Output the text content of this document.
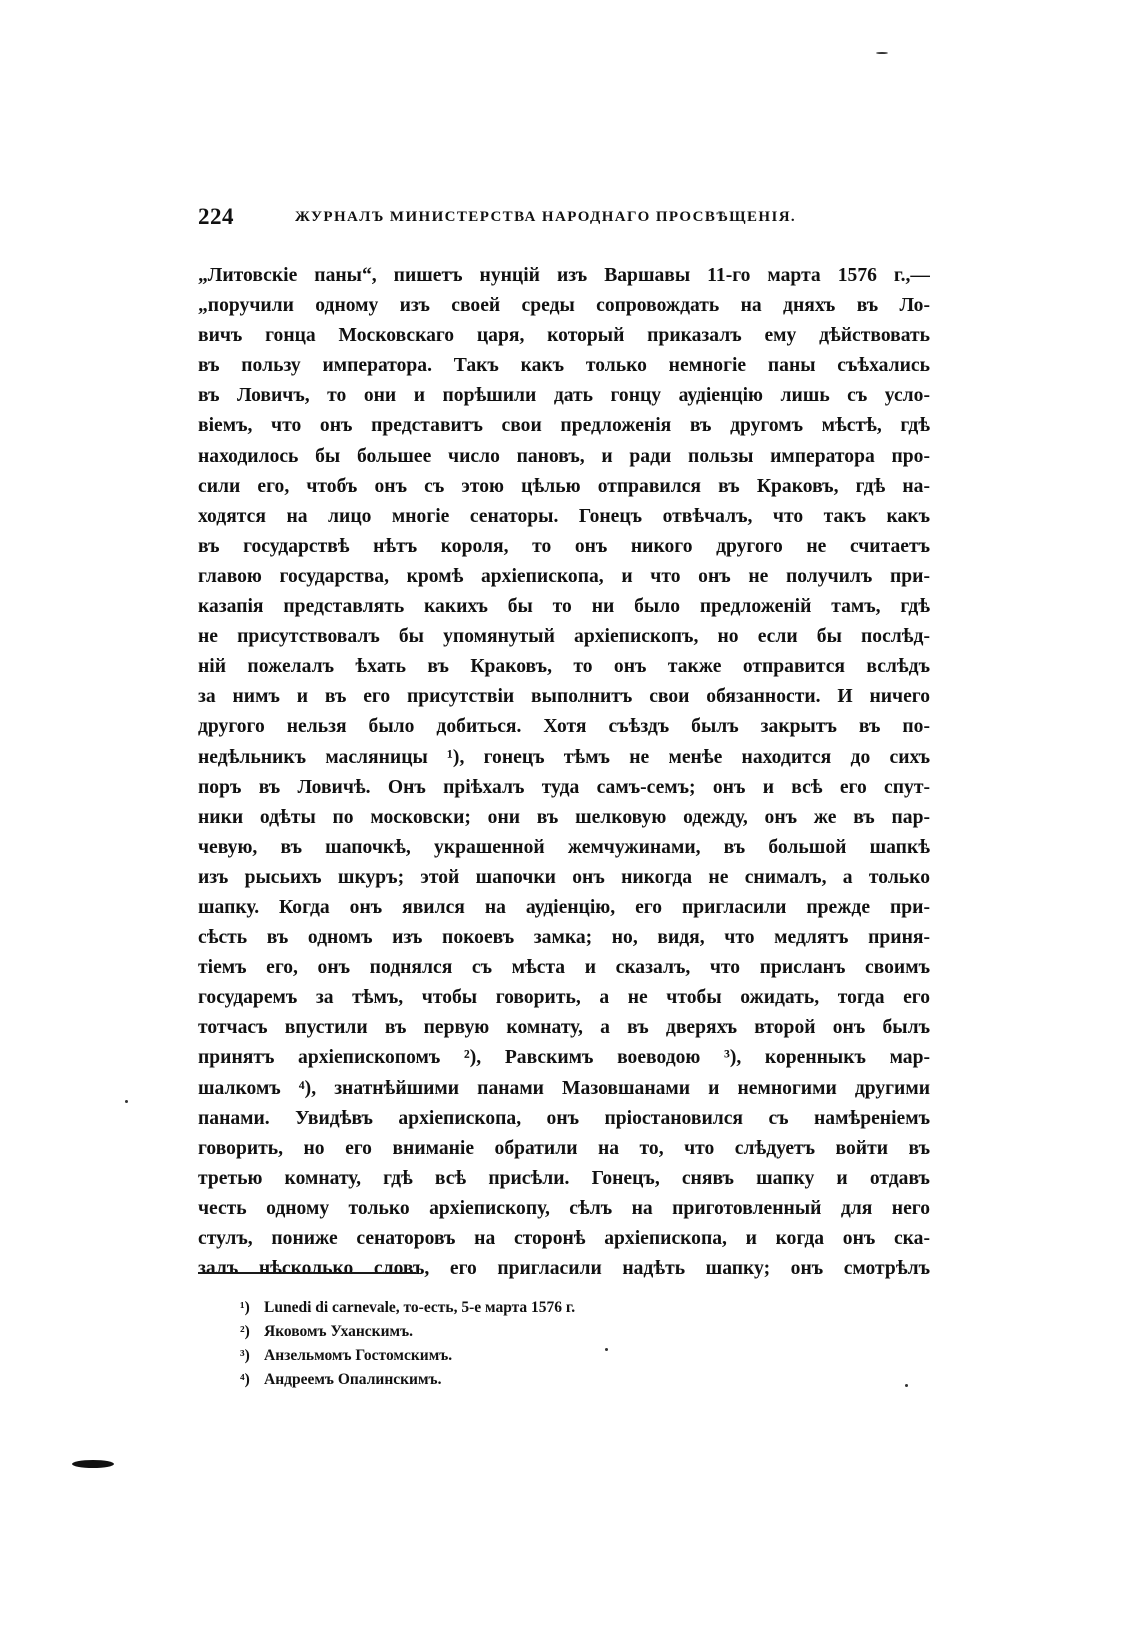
224	ЖУРНАЛЪ МИНИСТЕРСТВА НАРОДНАГО ПРОСВѢЩЕНІЯ.
„Литовскіе паны“, пишетъ нунцій изъ Варшавы 11-го марта 1576 г.,—
„поручили одному изъ своей среды сопровождать на дняхъ въ Ло-
вичъ гонца Московскаго царя, который приказалъ ему дѣйствовать
въ пользу императора. Такъ какъ только немногіе паны съѣхались
въ Ловичъ, то они и порѣшили дать гонцу аудіенцію лишь съ усло-
віемъ, что онъ представитъ свои предложенія въ другомъ мѣстѣ, гдѣ
находилось бы большее число пановъ, и ради пользы императора про-
сили его, чтобъ онъ съ этою цѣлью отправился въ Краковъ, гдѣ на-
ходятся на лицо многіе сенаторы. Гонецъ отвѣчалъ, что такъ какъ
въ государствѣ нѣтъ короля, то онъ никого другого не считаетъ
главою государства, кромѣ архіепископа, и что онъ не получилъ при-
казапія представлять какихъ бы то ни было предложеній тамъ, гдѣ
не присутствовалъ бы упомянутый архіепископъ, но если бы послѣд-
ній пожелалъ ѣхать въ Краковъ, то онъ также отправится вслѣдъ
за нимъ и въ его присутствіи выполнитъ свои обязанности. И ничего
другого нельзя было добиться. Хотя съѣздъ былъ закрытъ въ по-
недѣльникъ масляницы ¹), гонецъ тѣмъ не менѣе находится до сихъ
поръ въ Ловичѣ. Онъ пріѣхалъ туда самъ-семъ; онъ и всѣ его спут-
ники одѣты по московски; они въ шелковую одежду, онъ же въ пар-
чевую, въ шапочкѣ, украшенной жемчужинами, въ большой шапкѣ
изъ рысьихъ шкуръ; этой шапочки онъ никогда не снималъ, а только
шапку. Когда онъ явился на аудіенцію, его пригласили прежде при-
сѣсть въ одномъ изъ покоевъ замка; но, видя, что медлятъ приня-
тіемъ его, онъ поднялся съ мѣста и сказалъ, что присланъ своимъ
государемъ за тѣмъ, чтобы говорить, а не чтобы ожидать, тогда его
тотчасъ впустили въ первую комнату, а въ дверяхъ второй онъ былъ
принятъ архіепископомъ ²), Равскимъ воеводою ³), коренныкъ мар-
шалкомъ ⁴), знатнѣйшими панами Мазовшанами и немногими другими
панами. Увидѣвъ архіепископа, онъ пріостановился съ намѣреніемъ
говорить, но его вниманіе обратили на то, что слѣдуетъ войти въ
третью комнату, гдѣ всѣ присѣли. Гонецъ, снявъ шапку и отдавъ
честь одному только архіепископу, сѣлъ на приготовленный для него
стулъ, пониже сенаторовъ на сторонѣ архіепископа, и когда онъ ска-
залъ нѣсколько словъ, его пригласили надѣть шапку; онъ смотрѣлъ
¹) Lunedi di carnevale, то-есть, 5-е марта 1576 г.
²) Яковомъ Уханскимъ.
³) Анзельмомъ Гостомскимъ.
⁴) Андреемъ Опалинскимъ.
